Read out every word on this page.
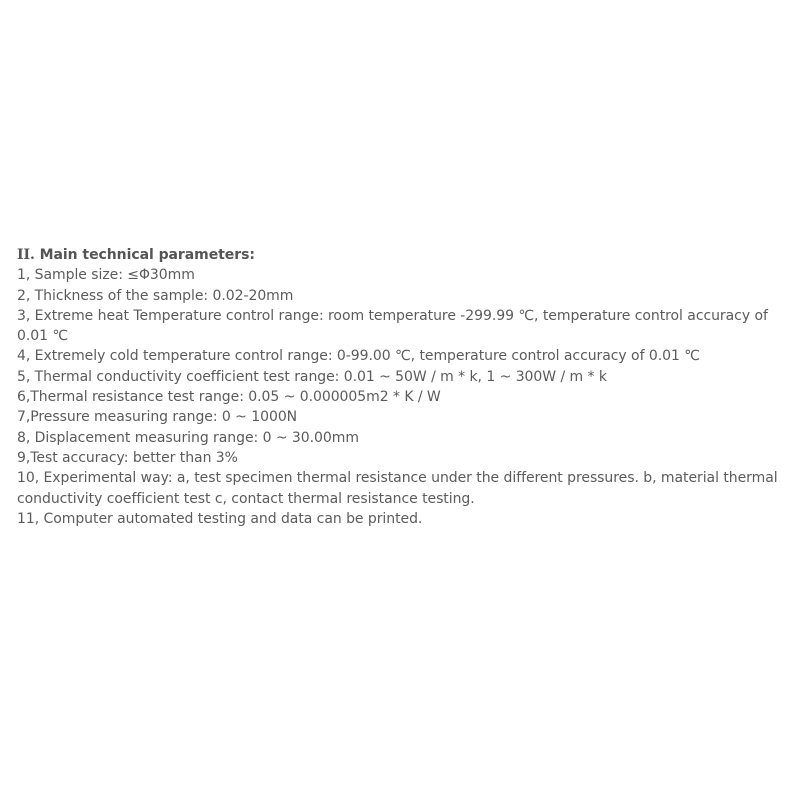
II. Main technical parameters:
1, Sample size: ≤Φ30mm
2, Thickness of the sample: 0.02-20mm
3, Extreme heat Temperature control range: room temperature -299.99 ℃, temperature control accuracy of 0.01 ℃
4, Extremely cold temperature control range: 0-99.00 ℃, temperature control accuracy of 0.01 ℃
5, Thermal conductivity coefficient test range: 0.01 ~ 50W / m * k, 1 ~ 300W / m * k
6,Thermal resistance test range: 0.05 ~ 0.000005m2 * K / W
7,Pressure measuring range: 0 ~ 1000N
8, Displacement measuring range: 0 ~ 30.00mm
9,Test accuracy: better than 3%
10, Experimental way: a, test specimen thermal resistance under the different pressures. b, material thermal conductivity coefficient test c, contact thermal resistance testing.
11, Computer automated testing and data can be printed.
